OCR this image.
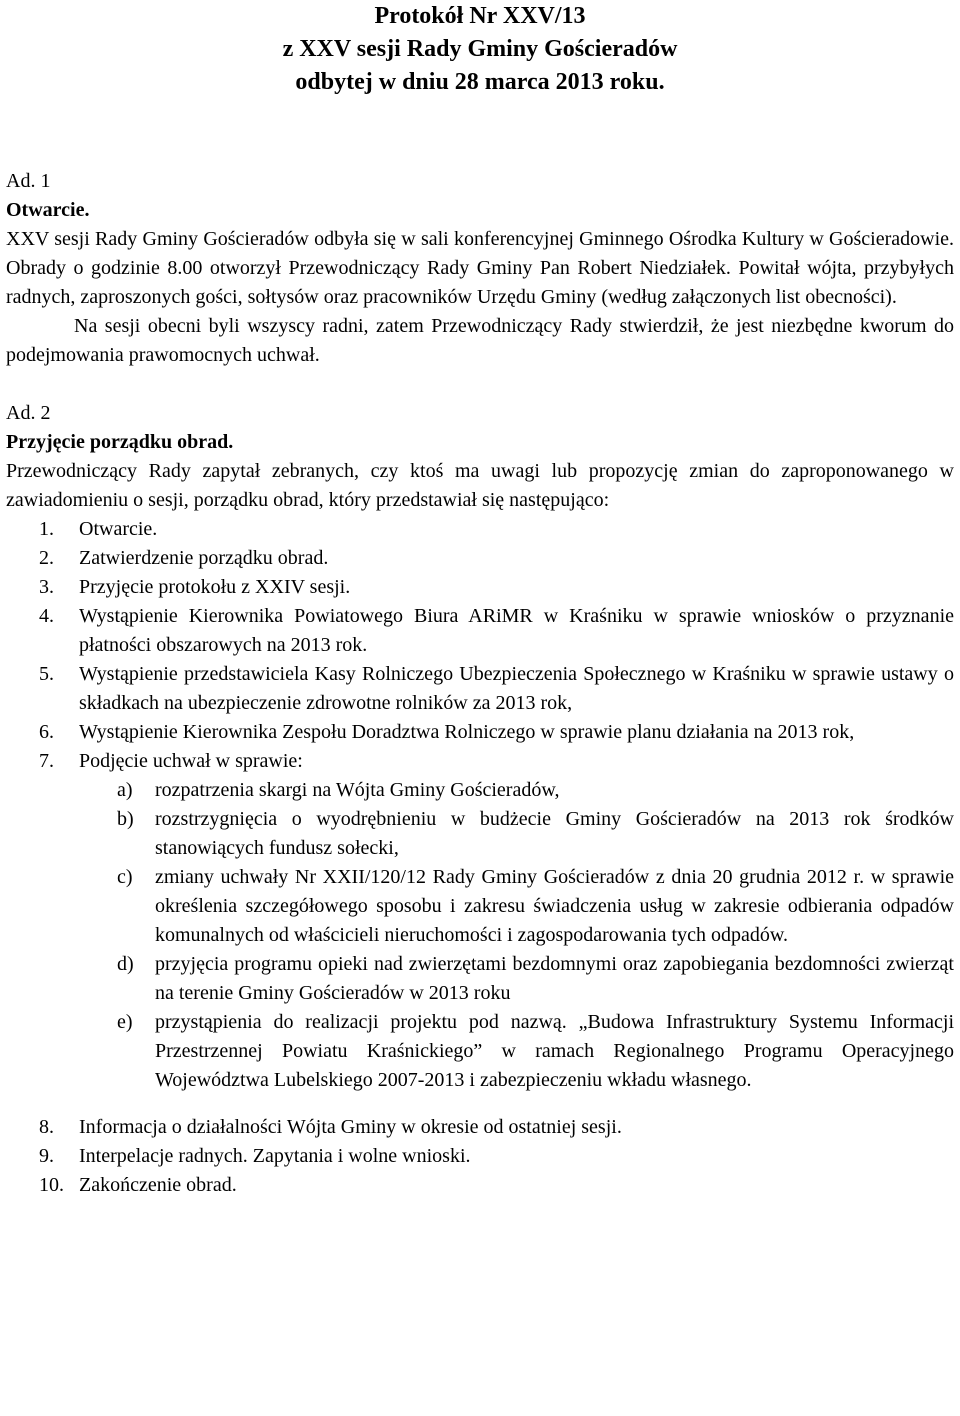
Protokół Nr XXV/13
z XXV sesji Rady Gminy Gościeradów
odbytej w dniu 28 marca 2013 roku.
Ad. 1
Otwarcie.
XXV sesji Rady Gminy Gościeradów odbyła się w sali konferencyjnej Gminnego Ośrodka Kultury w Gościeradowie. Obrady o godzinie 8.00 otworzył Przewodniczący Rady Gminy Pan Robert Niedziałek. Powitał wójta, przybyłych radnych, zaproszonych gości, sołtysów oraz pracowników Urzędu Gminy (według załączonych list obecności).
Na sesji obecni byli wszyscy radni, zatem Przewodniczący Rady stwierdził, że jest niezbędne kworum do podejmowania prawomocnych uchwał.
Ad. 2
Przyjęcie porządku obrad.
Przewodniczący Rady zapytał zebranych, czy ktoś ma uwagi lub propozycję zmian do zaproponowanego w zawiadomieniu o sesji, porządku obrad, który przedstawiał się następująco:
1. Otwarcie.
2. Zatwierdzenie porządku obrad.
3. Przyjęcie protokołu z XXIV sesji.
4. Wystąpienie Kierownika Powiatowego Biura ARiMR w Kraśniku w sprawie wniosków o przyznanie płatności obszarowych na 2013 rok.
5. Wystąpienie przedstawiciela Kasy Rolniczego Ubezpieczenia Społecznego w Kraśniku w sprawie ustawy o składkach na ubezpieczenie zdrowotne rolników za 2013 rok,
6. Wystąpienie Kierownika Zespołu Doradztwa Rolniczego w sprawie planu działania na 2013 rok,
7. Podjęcie uchwał w sprawie:
a) rozpatrzenia skargi na Wójta Gminy Gościeradów,
b) rozstrzygnięcia o wyodrębnieniu w budżecie Gminy Gościeradów na 2013 rok środków stanowiących fundusz sołecki,
c) zmiany uchwały Nr XXII/120/12 Rady Gminy Gościeradów z dnia 20 grudnia 2012 r. w sprawie określenia szczegółowego sposobu i zakresu świadczenia usług w zakresie odbierania odpadów komunalnych od właścicieli nieruchomości i zagospodarowania tych odpadów.
d) przyjęcia programu opieki nad zwierzętami bezdomnymi oraz zapobiegania bezdomności zwierząt na terenie Gminy Gościeradów w 2013 roku
e) przystąpienia do realizacji projektu pod nazwą. „Budowa Infrastruktury Systemu Informacji Przestrzennej Powiatu Kraśnickiego” w ramach Regionalnego Programu Operacyjnego Województwa Lubelskiego 2007-2013 i zabezpieczeniu wkładu własnego.
8. Informacja o działalności Wójta Gminy w okresie od ostatniej sesji.
9. Interpelacje radnych. Zapytania i wolne wnioski.
10. Zakończenie obrad.
